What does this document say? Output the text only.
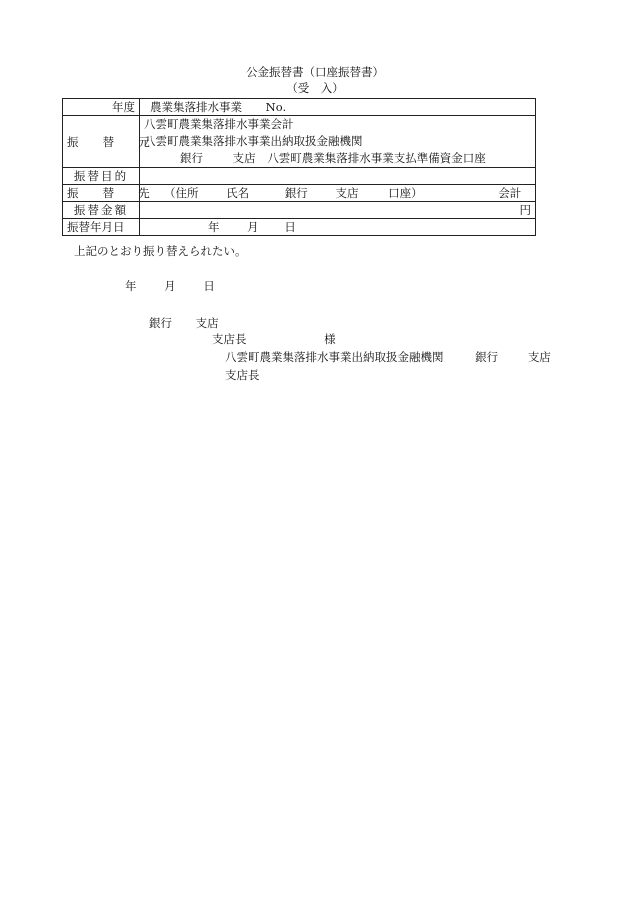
公金振替書（口座振替書）
（受　入）
年度	農業集落排水事業 No.
振　替　元	八雲町農業集落排水事業会計
八雲町農業集落排水事業出納取扱金融機関
銀行 支店 八雲町農業集落排水事業支払準備資金口座

振替目的	
振　替　先	（住所 氏名 銀行 支店 口座） 会計
振替金額	円
振替年月日	年 月 日
上記のとおり振り替えられたい。
年 月 日
銀行 支店
支店長	様
八雲町農業集落排水事業出納取扱金融機関	銀行	支店
支店長
